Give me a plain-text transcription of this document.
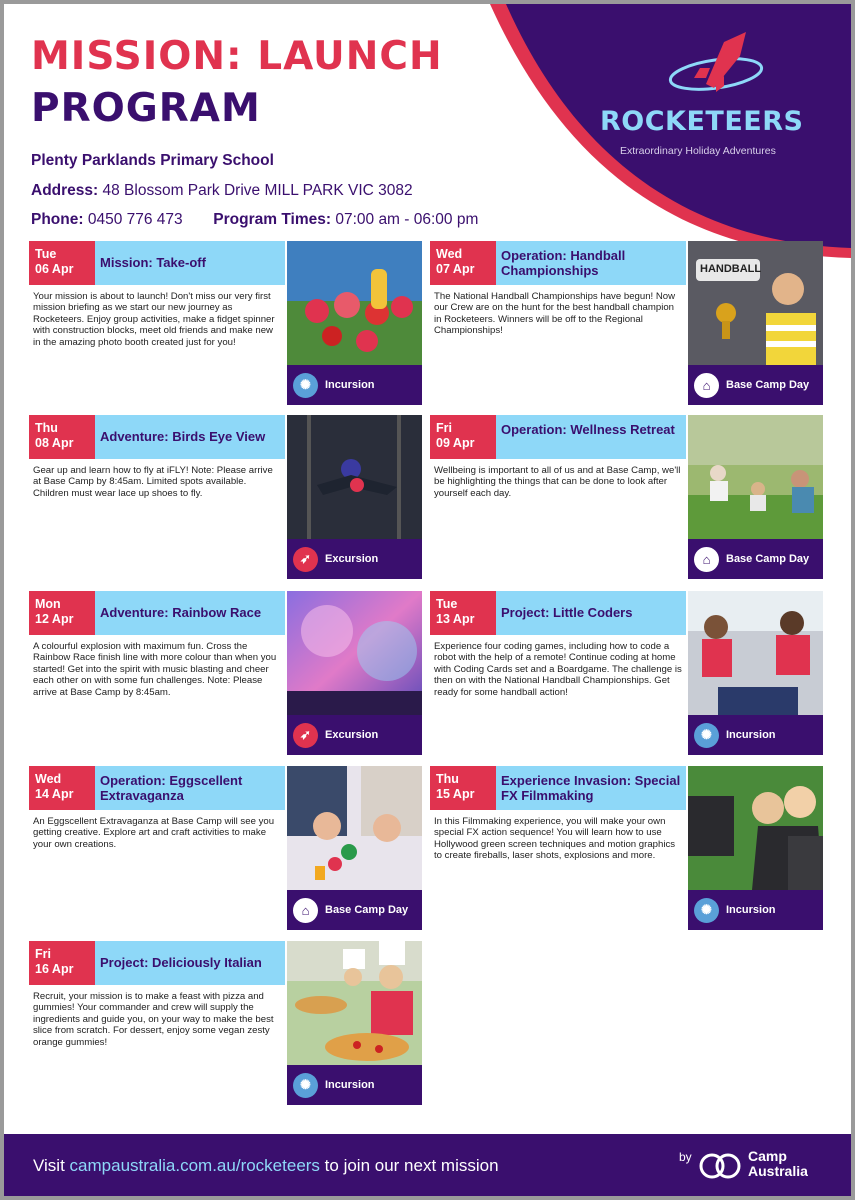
ROCKETEERS
Extraordinary Holiday Adventures
MISSION: LAUNCH
PROGRAM
Plenty Parklands Primary School
Address: 48 Blossom Park Drive MILL PARK VIC 3082
Phone: 0450 776 473 Program Times: 07:00 am - 06:00 pm
Tue
06 Apr	Mission: Take-off
Your mission is about to launch! Don't miss our very first mission briefing as we start our new journey as Rocketeers. Enjoy group activities, make a fidget spinner with construction blocks, meet old friends and make new in the amazing photo booth created just for you!
✺	Incursion
Wed
07 Apr
Operation: Handball Championships
The National Handball Championships have begun! Now our Crew are on the hunt for the best handball champion in Rocketeers. Winners will be off to the Regional Championships!
HANDBALL
⌂	Base Camp Day
Thu
08 Apr	Adventure: Birds Eye View
Gear up and learn how to fly at iFLY! Note: Please arrive at Base Camp by 8:45am. Limited spots available. Children must wear lace up shoes to fly.
➶	Excursion
Fri
09 Apr
Operation: Wellness Retreat
Wellbeing is important to all of us and at Base Camp, we'll be highlighting the things that can be done to look after yourself each day.
⌂	Base Camp Day
Mon
12 Apr	Adventure: Rainbow Race
A colourful explosion with maximum fun. Cross the Rainbow Race finish line with more colour than when you started! Get into the spirit with music blasting and cheer each other on with some fun challenges. Note: Please arrive at Base Camp by 8:45am.
➶	Excursion
Tue
13 Apr	Project: Little Coders
Experience four coding games, including how to code a robot with the help of a remote! Continue coding at home with Coding Cards set and a Boardgame. The challenge is then on with the National Handball Championships. Get ready for some handball action!
✺	Incursion
Wed
14 Apr
Operation: Eggscellent Extravaganza
An Eggscellent Extravaganza at Base Camp will see you getting creative. Explore art and craft activities to make your own creations.
⌂	Base Camp Day
Thu
15 Apr
Experience Invasion: Special FX Filmmaking
In this Filmmaking experience, you will make your own special FX action sequence! You will learn how to use Hollywood green screen techniques and motion graphics to create fireballs, laser shots, explosions and more.
✺	Incursion
Fri
16 Apr	Project: Deliciously Italian
Recruit, your mission is to make a feast with pizza and gummies! Your commander and crew will supply the ingredients and guide you, on your way to make the best slice from scratch. For dessert, enjoy some vegan zesty orange gummies!
✺	Incursion
Visit campaustralia.com.au/rocketeers to join our next mission	by	Camp
Australia
